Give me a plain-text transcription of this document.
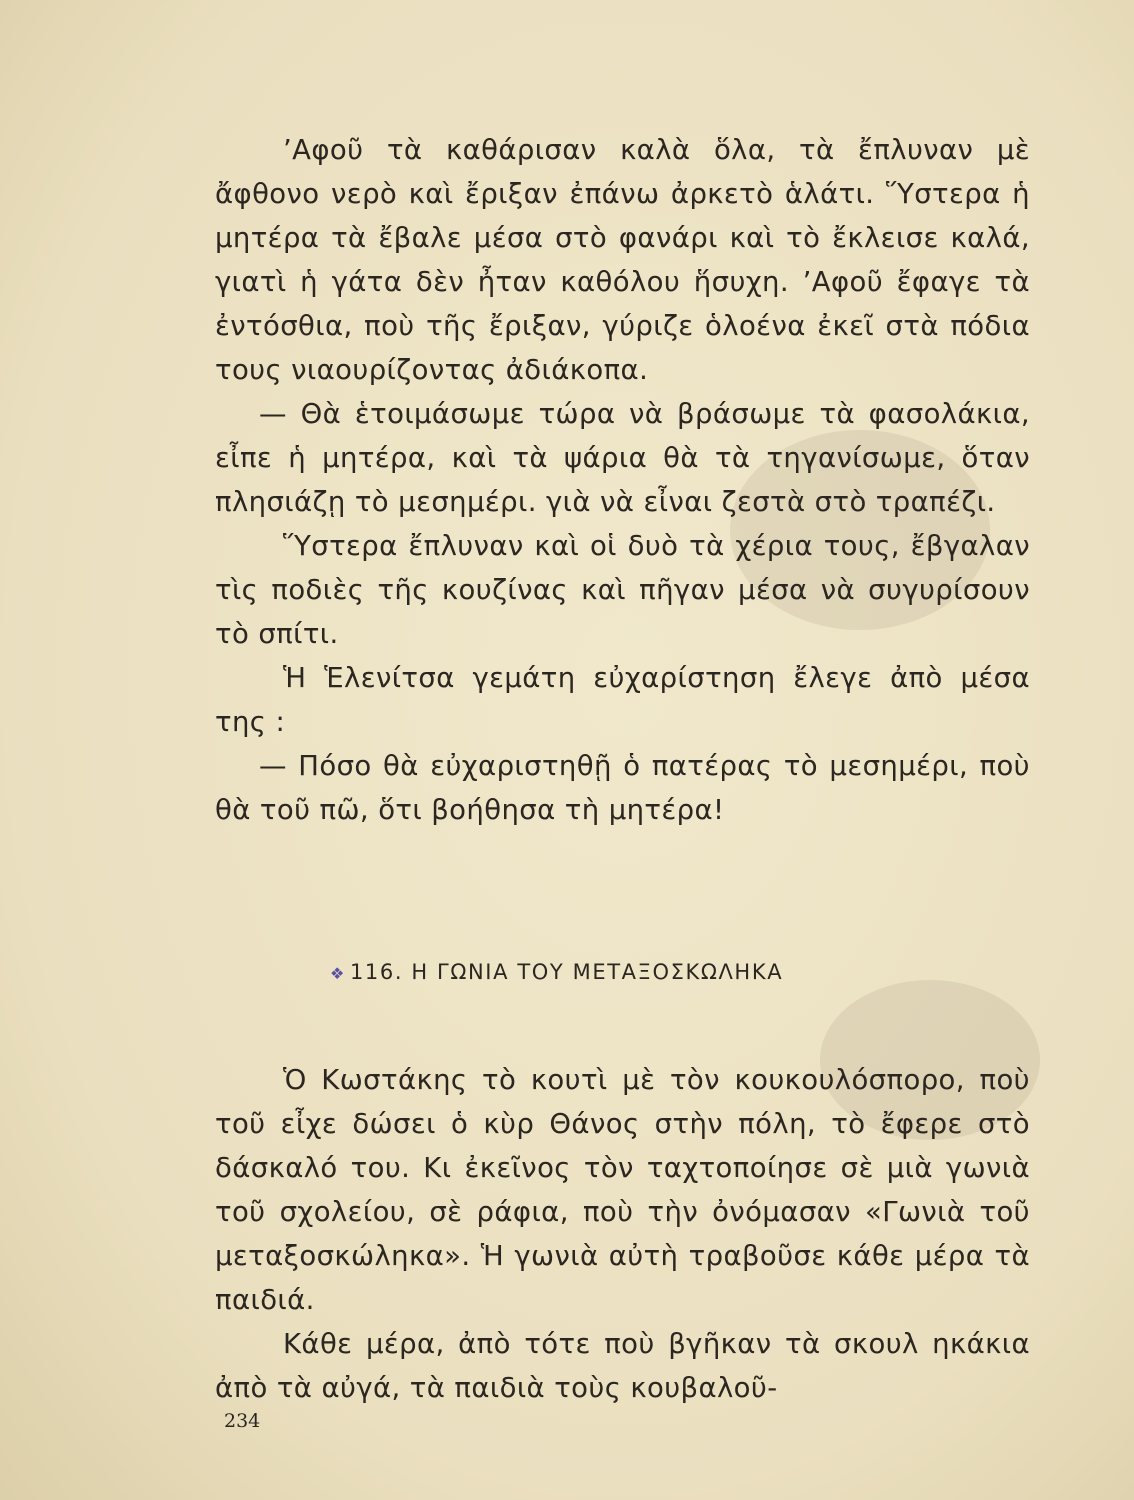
’Αφοῦ τὰ καθάρισαν καλὰ ὅλα, τὰ ἔπλυναν μὲ ἄφθονο νερὸ καὶ ἔριξαν ἐπάνω ἀρκετὸ ἁλάτι. Ὕστερα ἡ μητέρα τὰ ἔβαλε μέσα στὸ φανάρι καὶ τὸ ἔκλεισε καλά, γιατὶ ἡ γάτα δὲν ἦταν καθόλου ἥσυχη. ’Αφοῦ ἔφαγε τὰ ἐντόσθια, ποὺ τῆς ἔριξαν, γύριζε ὁλοένα ἐκεῖ στὰ πόδια τους νιαουρίζοντας ἀδιάκοπα.

— Θὰ ἑτοιμάσωμε τώρα νὰ βράσωμε τὰ φασολάκια, εἶπε ἡ μητέρα, καὶ τὰ ψάρια θὰ τὰ τηγανίσωμε, ὅταν πλησιάζῃ τὸ μεσημέρι. γιὰ νὰ εἶναι ζεστὰ στὸ τραπέζι.

Ὕστερα ἔπλυναν καὶ οἱ δυὸ τὰ χέρια τους, ἔβγαλαν τὶς ποδιὲς τῆς κουζίνας καὶ πῆγαν μέσα νὰ συγυρίσουν τὸ σπίτι.

Ἡ Ἑλενίτσα γεμάτη εὐχαρίστηση ἔλεγε ἀπὸ μέσα της :

— Πόσο θὰ εὐχαριστηθῇ ὁ πατέρας τὸ μεσημέρι, ποὺ θὰ τοῦ πῶ, ὅτι βοήθησα τὴ μητέρα!

❖ 116. Η ΓΩΝΙΑ ΤΟΥ ΜΕΤΑΞΟΣΚΩΛΗΚΑ

Ὁ Κωστάκης τὸ κουτὶ μὲ τὸν κουκουλόσπορο, ποὺ τοῦ εἶχε δώσει ὁ κὺρ Θάνος στὴν πόλη, τὸ ἔφερε στὸ δάσκαλό του. Κι ἐκεῖνος τὸν ταχτοποίησε σὲ μιὰ γωνιὰ τοῦ σχολείου, σὲ ράφια, ποὺ τὴν ὀνόμασαν «Γωνιὰ τοῦ μεταξοσκώληκα». Ἡ γωνιὰ αὐτὴ τραβοῦσε κάθε μέρα τὰ παιδιά.

Κάθε μέρα, ἀπὸ τότε ποὺ βγῆκαν τὰ σκουλ ηκάκια ἀπὸ τὰ αὐγά, τὰ παιδιὰ τοὺς κουβαλοῦ-

234
